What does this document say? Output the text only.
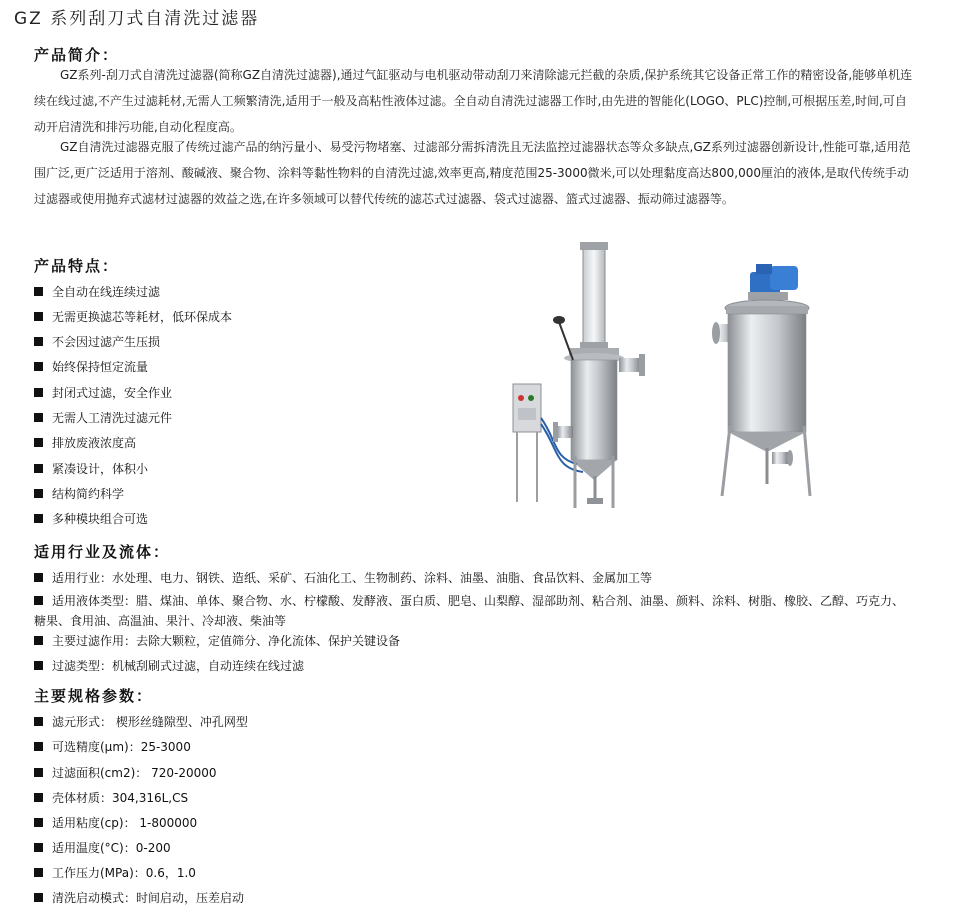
GZ 系列刮刀式自清洗过滤器
产品简介：
GZ系列-刮刀式自清洗过滤器(简称GZ自清洗过滤器),通过气缸驱动与电机驱动带动刮刀来清除滤元拦截的杂质,保护系统其它设备正常工作的精密设备,能够单机连续在线过滤,不产生过滤耗材,无需人工频繁清洗,适用于一般及高粘性液体过滤。全自动自清洗过滤器工作时,由先进的智能化(LOGO、PLC)控制,可根据压差,时间,可自动开启清洗和排污功能,自动化程度高。
GZ自清洗过滤器克服了传统过滤产品的纳污量小、易受污物堵塞、过滤部分需拆清洗且无法监控过滤器状态等众多缺点,GZ系列过滤器创新设计,性能可靠,适用范围广泛,更广泛适用于溶剂、酸碱液、聚合物、涂料等黏性物料的自清洗过滤,效率更高,精度范围25-3000微米,可以处理黏度高达800,000厘泊的液体,是取代传统手动过滤器或使用抛弃式滤材过滤器的效益之选,在许多领域可以替代传统的滤芯式过滤器、袋式过滤器、篮式过滤器、振动筛过滤器等。
产品特点：
全自动在线连续过滤
无需更换滤芯等耗材，低环保成本
不会因过滤产生压损
始终保持恒定流量
封闭式过滤，安全作业
无需人工清洗过滤元件
排放废液浓度高
紧凑设计，体积小
结构简约科学
多种模块组合可选
适用行业及流体：
适用行业：水处理、电力、钢铁、造纸、采矿、石油化工、生物制药、涂料、油墨、油脂、食品饮料、金属加工等
适用液体类型：腊、煤油、单体、聚合物、水、柠檬酸、发酵液、蛋白质、肥皂、山梨醇、湿部助剂、粘合剂、油墨、颜料、涂料、树脂、橡胶、乙醇、巧克力、糖果、食用油、高温油、果汁、冷却液、柴油等
主要过滤作用：去除大颗粒，定值筛分、净化流体、保护关键设备
过滤类型：机械刮刷式过滤，自动连续在线过滤
主要规格参数：
滤元形式： 楔形丝缝隙型、冲孔网型
可选精度(μm)：25-3000
过滤面积(cm2)： 720-20000
壳体材质：304,316L,CS
适用粘度(cp)： 1-800000
适用温度(°C)：0-200
工作压力(MPa)：0.6，1.0
清洗启动模式：时间启动，压差启动
